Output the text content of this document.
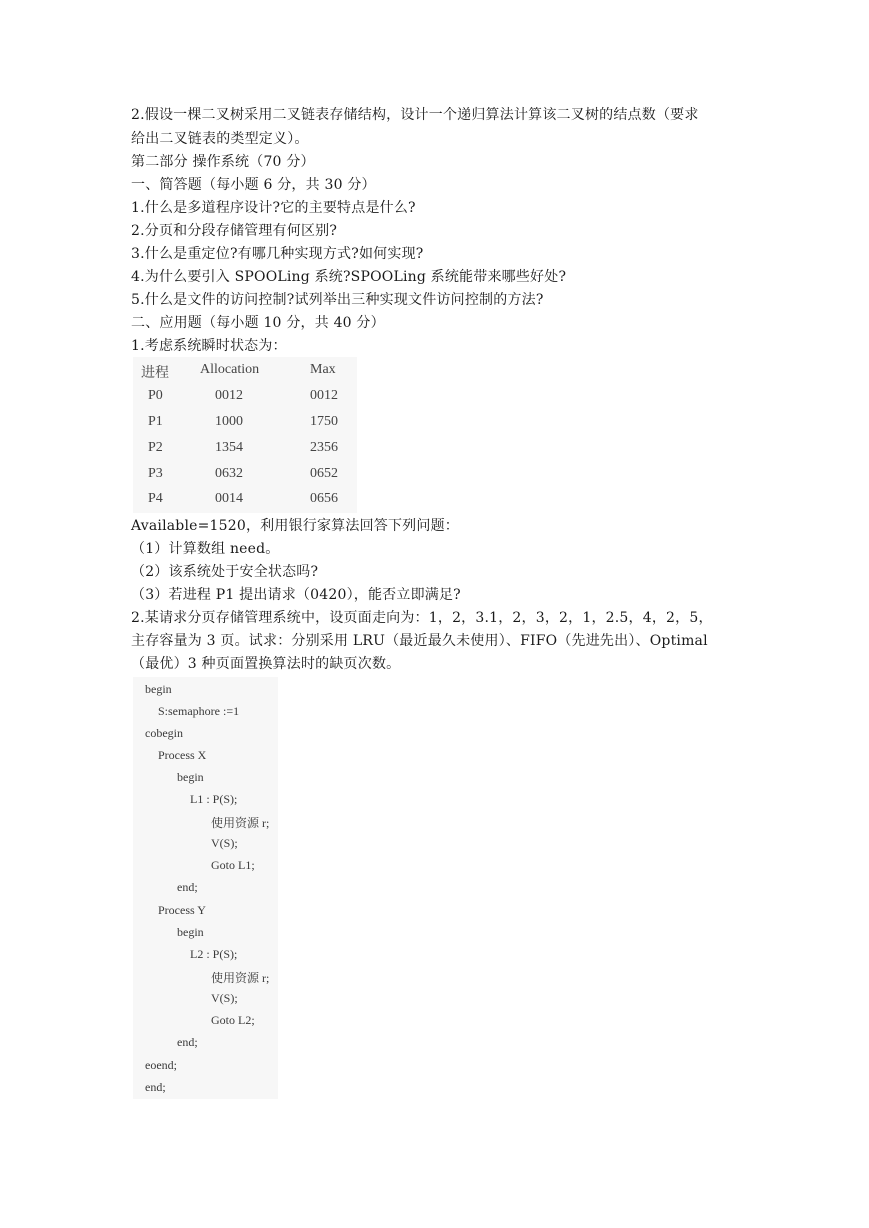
2.假设一棵二叉树采用二叉链表存储结构，设计一个递归算法计算该二叉树的结点数（要求
给出二叉链表的类型定义）。
第二部分 操作系统（70 分）
一、简答题（每小题 6 分，共 30 分）
1.什么是多道程序设计?它的主要特点是什么?
2.分页和分段存储管理有何区别?
3.什么是重定位?有哪几种实现方式?如何实现?
4.为什么要引入 SPOOLing 系统?SPOOLing 系统能带来哪些好处?
5.什么是文件的访问控制?试列举出三种实现文件访问控制的方法?
二、应用题（每小题 10 分，共 40 分）
1.考虑系统瞬时状态为：
进程 Allocation	Max
P0	0012	0012
P1	1000	1750
P2	1354	2356
P3	0632	0652
P4	0014	0656
Available=1520，利用银行家算法回答下列问题：
（1）计算数组 need。
（2）该系统处于安全状态吗?
（3）若进程 P1 提出请求（0420），能否立即满足?
2.某请求分页存储管理系统中，设页面走向为：1，2，3.1，2，3，2，1，2.5，4，2，5，
主存容量为 3 页。试求：分别采用 LRU（最近最久未使用）、FIFO（先进先出）、Optimal
（最优）3 种页面置换算法时的缺页次数。
begin
S:semaphore :=1
cobegin
Process X
begin
L1 : P(S);
使用资源 r;
V(S);
Goto L1;
end;
Process Y
begin
L2 : P(S);
使用资源 r;
V(S);
Goto L2;
end;
eoend;
end;
